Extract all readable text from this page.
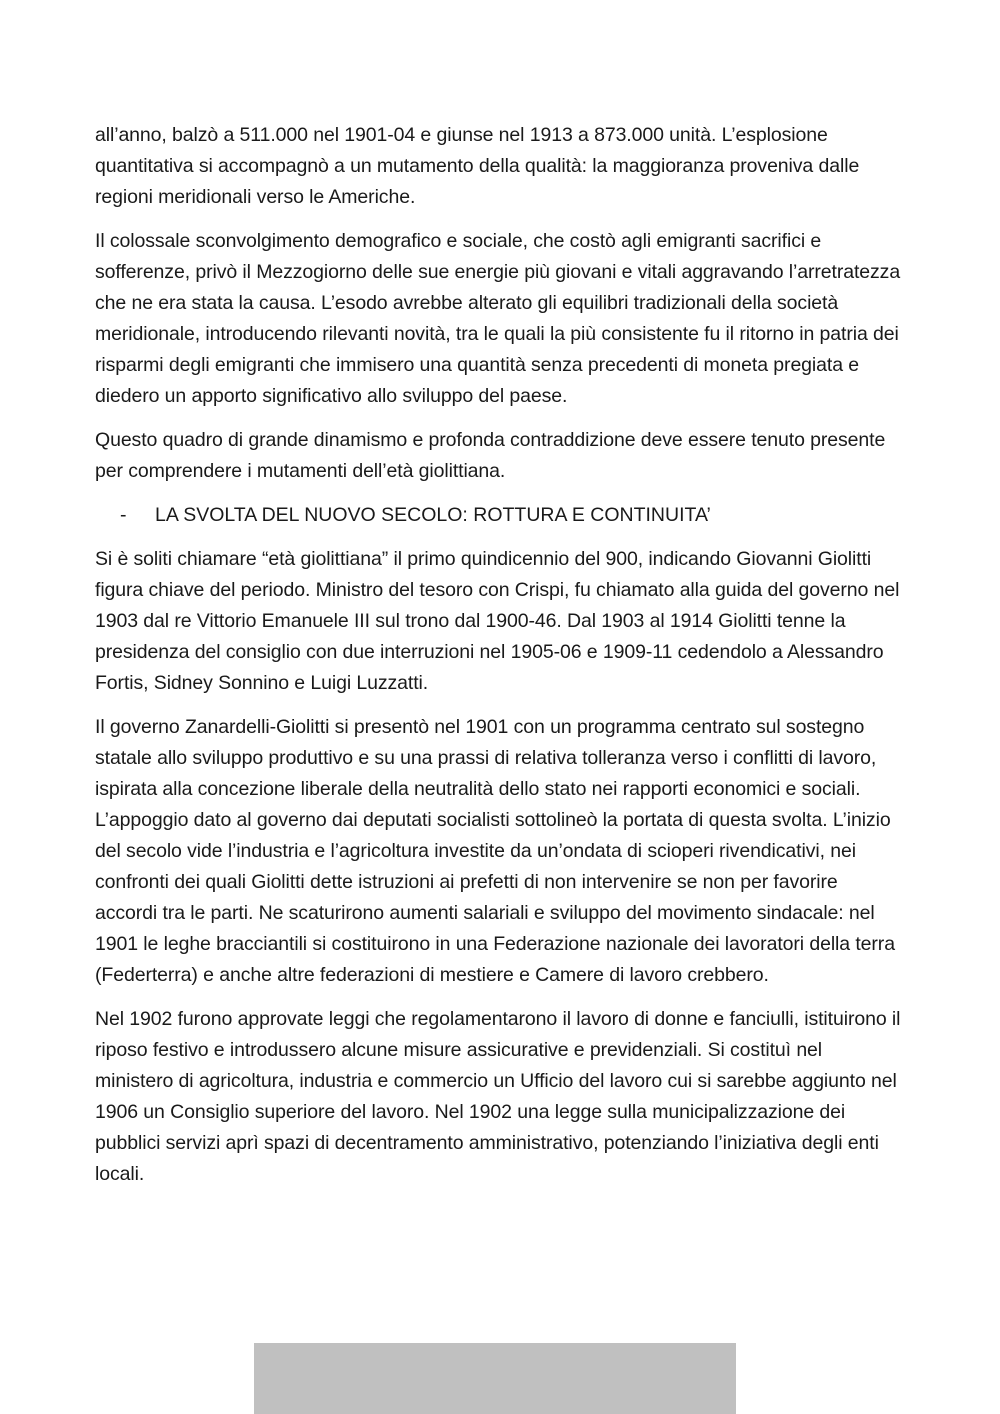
all’anno, balzò a 511.000 nel 1901-04 e giunse nel 1913 a 873.000 unità. L’esplosione quantitativa si accompagnò a un mutamento della qualità: la maggioranza proveniva dalle regioni meridionali verso le Americhe.

Il colossale sconvolgimento demografico e sociale, che costò agli emigranti sacrifici e sofferenze, privò il Mezzogiorno delle sue energie più giovani e vitali aggravando l’arretratezza che ne era stata la causa. L’esodo avrebbe alterato gli equilibri tradizionali della società meridionale, introducendo rilevanti novità, tra le quali la più consistente fu il ritorno in patria dei risparmi degli emigranti che immisero una quantità senza precedenti di moneta pregiata e diedero un apporto significativo allo sviluppo del paese.

Questo quadro di grande dinamismo e profonda contraddizione deve essere tenuto presente per comprendere i mutamenti dell’età giolittiana.

-	LA SVOLTA DEL NUOVO SECOLO: ROTTURA E CONTINUITA’

Si è soliti chiamare “età giolittiana” il primo quindicennio del 900, indicando Giovanni Giolitti figura chiave del periodo. Ministro del tesoro con Crispi, fu chiamato alla guida del governo nel 1903 dal re Vittorio Emanuele III sul trono dal 1900-46. Dal 1903 al 1914 Giolitti tenne la presidenza del consiglio con due interruzioni nel 1905-06 e 1909-11 cedendolo a Alessandro Fortis, Sidney Sonnino e Luigi Luzzatti.

Il governo Zanardelli-Giolitti si presentò nel 1901 con un programma centrato sul sostegno statale allo sviluppo produttivo e su una prassi di relativa tolleranza verso i conflitti di lavoro, ispirata alla concezione liberale della neutralità dello stato nei rapporti economici e sociali. L’appoggio dato al governo dai deputati socialisti sottolineò la portata di questa svolta. L’inizio del secolo vide l’industria e l’agricoltura investite da un’ondata di scioperi rivendicativi, nei confronti dei quali Giolitti dette istruzioni ai prefetti di non intervenire se non per favorire accordi tra le parti. Ne scaturirono aumenti salariali e sviluppo del movimento sindacale: nel 1901 le leghe bracciantili si costituirono in una Federazione nazionale dei lavoratori della terra (Federterra) e anche altre federazioni di mestiere e Camere di lavoro crebbero.

Nel 1902 furono approvate leggi che regolamentarono il lavoro di donne e fanciulli, istituirono il riposo festivo e introdussero alcune misure assicurative e previdenziali. Si costituì nel ministero di agricoltura, industria e commercio un Ufficio del lavoro cui si sarebbe aggiunto nel 1906 un Consiglio superiore del lavoro. Nel 1902 una legge sulla municipalizzazione dei pubblici servizi aprì spazi di decentramento amministrativo, potenziando l’iniziativa degli enti locali.
